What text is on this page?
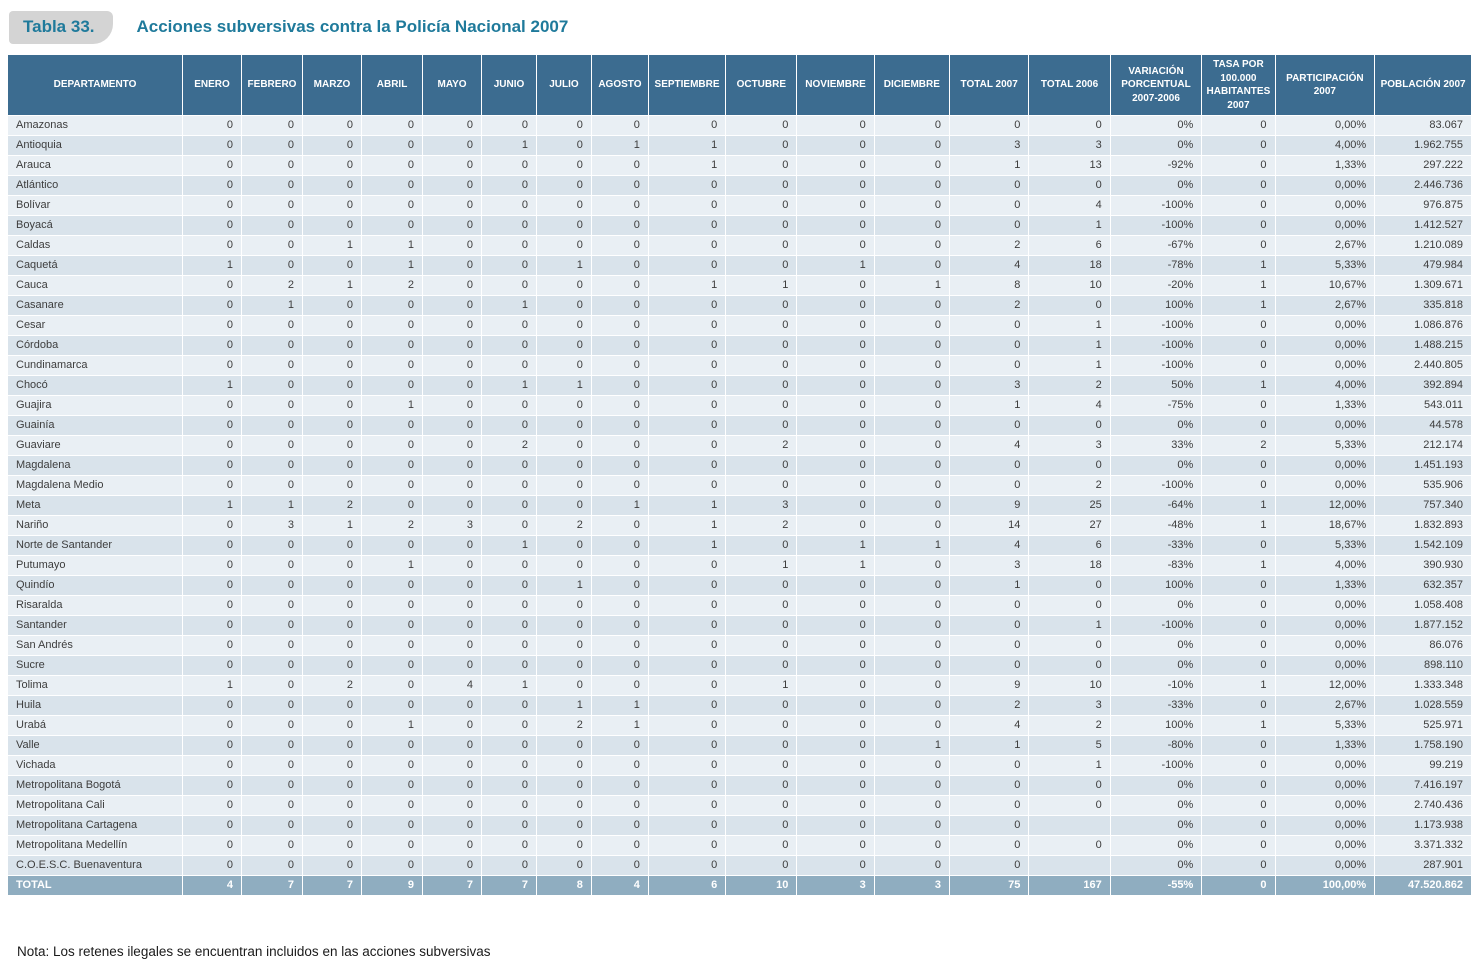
Tabla 33.	Acciones subversivas contra la Policía Nacional 2007
DEPARTAMENTO	ENERO	FEBRERO	MARZO	ABRIL	MAYO	JUNIO	JULIO	AGOSTO	SEPTIEMBRE	OCTUBRE	NOVIEMBRE	DICIEMBRE	TOTAL 2007	TOTAL 2006	VARIACIÓN PORCENTUAL 2007-2006	TASA POR 100.000 HABITANTES 2007	PARTICIPACIÓN 2007	POBLACIÓN 2007
Amazonas	0	0	0	0	0	0	0	0	0	0	0	0	0	0	0%	0	0,00%	83.067
Antioquia	0	0	0	0	0	1	0	1	1	0	0	0	3	3	0%	0	4,00%	1.962.755
Arauca	0	0	0	0	0	0	0	0	1	0	0	0	1	13	-92%	0	1,33%	297.222
Atlántico	0	0	0	0	0	0	0	0	0	0	0	0	0	0	0%	0	0,00%	2.446.736
Bolívar	0	0	0	0	0	0	0	0	0	0	0	0	0	4	-100%	0	0,00%	976.875
Boyacá	0	0	0	0	0	0	0	0	0	0	0	0	0	1	-100%	0	0,00%	1.412.527
Caldas	0	0	1	1	0	0	0	0	0	0	0	0	2	6	-67%	0	2,67%	1.210.089
Caquetá	1	0	0	1	0	0	1	0	0	0	1	0	4	18	-78%	1	5,33%	479.984
Cauca	0	2	1	2	0	0	0	0	1	1	0	1	8	10	-20%	1	10,67%	1.309.671
Casanare	0	1	0	0	0	1	0	0	0	0	0	0	2	0	100%	1	2,67%	335.818
Cesar	0	0	0	0	0	0	0	0	0	0	0	0	0	1	-100%	0	0,00%	1.086.876
Córdoba	0	0	0	0	0	0	0	0	0	0	0	0	0	1	-100%	0	0,00%	1.488.215
Cundinamarca	0	0	0	0	0	0	0	0	0	0	0	0	0	1	-100%	0	0,00%	2.440.805
Chocó	1	0	0	0	0	1	1	0	0	0	0	0	3	2	50%	1	4,00%	392.894
Guajira	0	0	0	1	0	0	0	0	0	0	0	0	1	4	-75%	0	1,33%	543.011
Guainía	0	0	0	0	0	0	0	0	0	0	0	0	0	0	0%	0	0,00%	44.578
Guaviare	0	0	0	0	0	2	0	0	0	2	0	0	4	3	33%	2	5,33%	212.174
Magdalena	0	0	0	0	0	0	0	0	0	0	0	0	0	0	0%	0	0,00%	1.451.193
Magdalena Medio	0	0	0	0	0	0	0	0	0	0	0	0	0	2	-100%	0	0,00%	535.906
Meta	1	1	2	0	0	0	0	1	1	3	0	0	9	25	-64%	1	12,00%	757.340
Nariño	0	3	1	2	3	0	2	0	1	2	0	0	14	27	-48%	1	18,67%	1.832.893
Norte de Santander	0	0	0	0	0	1	0	0	1	0	1	1	4	6	-33%	0	5,33%	1.542.109
Putumayo	0	0	0	1	0	0	0	0	0	1	1	0	3	18	-83%	1	4,00%	390.930
Quindío	0	0	0	0	0	0	1	0	0	0	0	0	1	0	100%	0	1,33%	632.357
Risaralda	0	0	0	0	0	0	0	0	0	0	0	0	0	0	0%	0	0,00%	1.058.408
Santander	0	0	0	0	0	0	0	0	0	0	0	0	0	1	-100%	0	0,00%	1.877.152
San Andrés	0	0	0	0	0	0	0	0	0	0	0	0	0	0	0%	0	0,00%	86.076
Sucre	0	0	0	0	0	0	0	0	0	0	0	0	0	0	0%	0	0,00%	898.110
Tolima	1	0	2	0	4	1	0	0	0	1	0	0	9	10	-10%	1	12,00%	1.333.348
Huila	0	0	0	0	0	0	1	1	0	0	0	0	2	3	-33%	0	2,67%	1.028.559
Urabá	0	0	0	1	0	0	2	1	0	0	0	0	4	2	100%	1	5,33%	525.971
Valle	0	0	0	0	0	0	0	0	0	0	0	1	1	5	-80%	0	1,33%	1.758.190
Vichada	0	0	0	0	0	0	0	0	0	0	0	0	0	1	-100%	0	0,00%	99.219
Metropolitana Bogotá	0	0	0	0	0	0	0	0	0	0	0	0	0	0	0%	0	0,00%	7.416.197
Metropolitana Cali	0	0	0	0	0	0	0	0	0	0	0	0	0	0	0%	0	0,00%	2.740.436
Metropolitana Cartagena	0	0	0	0	0	0	0	0	0	0	0	0	0		0%	0	0,00%	1.173.938
Metropolitana Medellín	0	0	0	0	0	0	0	0	0	0	0	0	0	0	0%	0	0,00%	3.371.332
C.O.E.S.C. Buenaventura	0	0	0	0	0	0	0	0	0	0	0	0	0		0%	0	0,00%	287.901
TOTAL	4	7	7	9	7	7	8	4	6	10	3	3	75	167	-55%	0	100,00%	47.520.862
Nota: Los retenes ilegales se encuentran incluidos en las acciones subversivas
